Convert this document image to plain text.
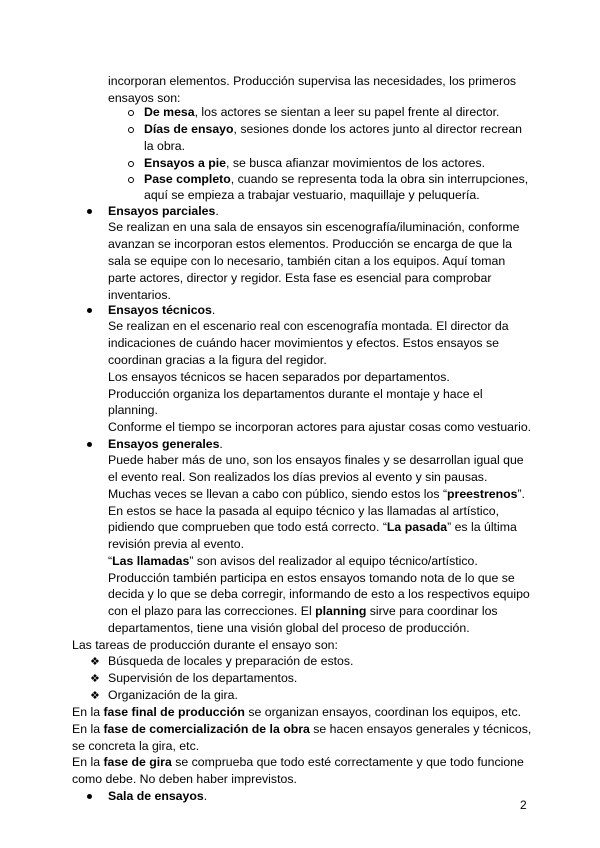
incorporan elementos. Producción supervisa las necesidades, los primeros
ensayos son:
De mesa, los actores se sientan a leer su papel frente al director.
Días de ensayo, sesiones donde los actores junto al director recrean
la obra.
Ensayos a pie, se busca afianzar movimientos de los actores.
Pase completo, cuando se representa toda la obra sin interrupciones,
aquí se empieza a trabajar vestuario, maquillaje y peluquería.
Ensayos parciales.
Se realizan en una sala de ensayos sin escenografía/iluminación, conforme
avanzan se incorporan estos elementos. Producción se encarga de que la
sala se equipe con lo necesario, también citan a los equipos. Aquí toman
parte actores, director y regidor. Esta fase es esencial para comprobar
inventarios.
Ensayos técnicos.
Se realizan en el escenario real con escenografía montada. El director da
indicaciones de cuándo hacer movimientos y efectos. Estos ensayos se
coordinan gracias a la figura del regidor.
Los ensayos técnicos se hacen separados por departamentos.
Producción organiza los departamentos durante el montaje y hace el
planning.
Conforme el tiempo se incorporan actores para ajustar cosas como vestuario.
Ensayos generales.
Puede haber más de uno, son los ensayos finales y se desarrollan igual que
el evento real. Son realizados los días previos al evento y sin pausas.
Muchas veces se llevan a cabo con público, siendo estos los “preestrenos”.
En estos se hace la pasada al equipo técnico y las llamadas al artístico,
pidiendo que comprueben que todo está correcto. “La pasada” es la última
revisión previa al evento.
“Las llamadas” son avisos del realizador al equipo técnico/artístico.
Producción también participa en estos ensayos tomando nota de lo que se
decida y lo que se deba corregir, informando de esto a los respectivos equipo
con el plazo para las correcciones. El planning sirve para coordinar los
departamentos, tiene una visión global del proceso de producción.
Las tareas de producción durante el ensayo son:
❖ Búsqueda de locales y preparación de estos.
❖ Supervisión de los departamentos.
❖ Organización de la gira.
En la fase final de producción se organizan ensayos, coordinan los equipos, etc.
En la fase de comercialización de la obra se hacen ensayos generales y técnicos,
se concreta la gira, etc.
En la fase de gira se comprueba que todo esté correctamente y que todo funcione
como debe. No deben haber imprevistos.
Sala de ensayos.
2
